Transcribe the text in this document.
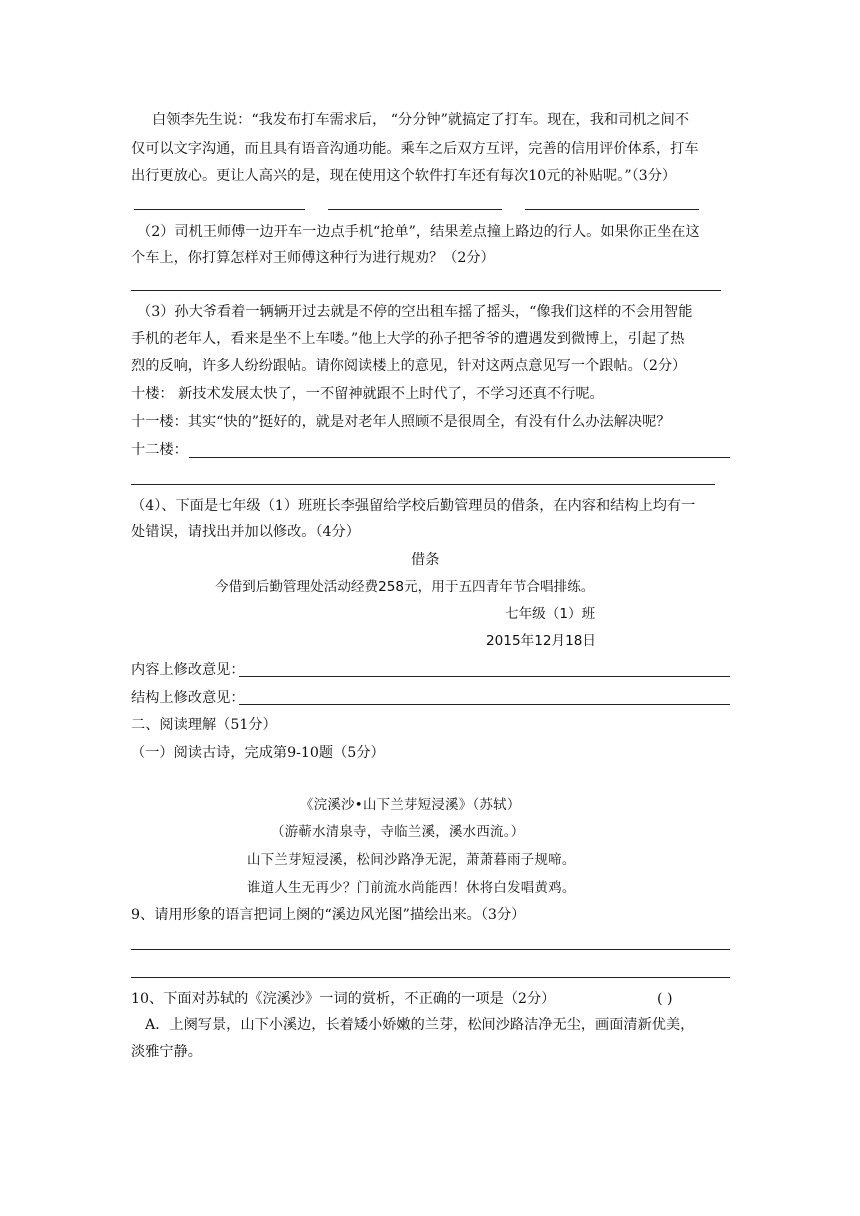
白领李先生说：“我发布打车需求后， “分分钟”就搞定了打车。现在，我和司机之间不
仅可以文字沟通，而且具有语音沟通功能。乘车之后双方互评，完善的信用评价体系，打车
出行更放心。更让人高兴的是，现在使用这个软件打车还有每次10元的补贴呢。”（3分）
（2）司机王师傅一边开车一边点手机“抢单”，结果差点撞上路边的行人。如果你正坐在这
个车上，你打算怎样对王师傅这种行为进行规劝？（2分）
（3）孙大爷看着一辆辆开过去就是不停的空出租车摇了摇头，“像我们这样的不会用智能
手机的老年人，看来是坐不上车喽。”他上大学的孙子把爷爷的遭遇发到微博上，引起了热
烈的反响，许多人纷纷跟帖。请你阅读楼上的意见，针对这两点意见写一个跟帖。（2分）
十楼： 新技术发展太快了，一不留神就跟不上时代了，不学习还真不行呢。
十一楼：其实“快的”挺好的，就是对老年人照顾不是很周全，有没有什么办法解决呢？
十二楼：
（4）、下面是七年级（1）班班长李强留给学校后勤管理员的借条，在内容和结构上均有一
处错误，请找出并加以修改。（4分）
借条
今借到后勤管理处活动经费258元，用于五四青年节合唱排练。
七年级（1）班
2015年12月18日
内容上修改意见：
结构上修改意见：
二、阅读理解（51分）
（一）阅读古诗，完成第9-10题（5分）
《浣溪沙•山下兰芽短浸溪》（苏轼）
（游蕲水清泉寺，寺临兰溪，溪水西流。）
山下兰芽短浸溪，松间沙路净无泥，萧萧暮雨子规啼。
谁道人生无再少？门前流水尚能西！休将白发唱黄鸡。
9、请用形象的语言把词上阕的“溪边风光图”描绘出来。（3分）
10、下面对苏轼的《浣溪沙》一词的赏析，不正确的一项是（2分）	( )
A．上阕写景，山下小溪边，长着矮小娇嫩的兰芽，松间沙路洁净无尘，画面清新优美，
淡雅宁静。
